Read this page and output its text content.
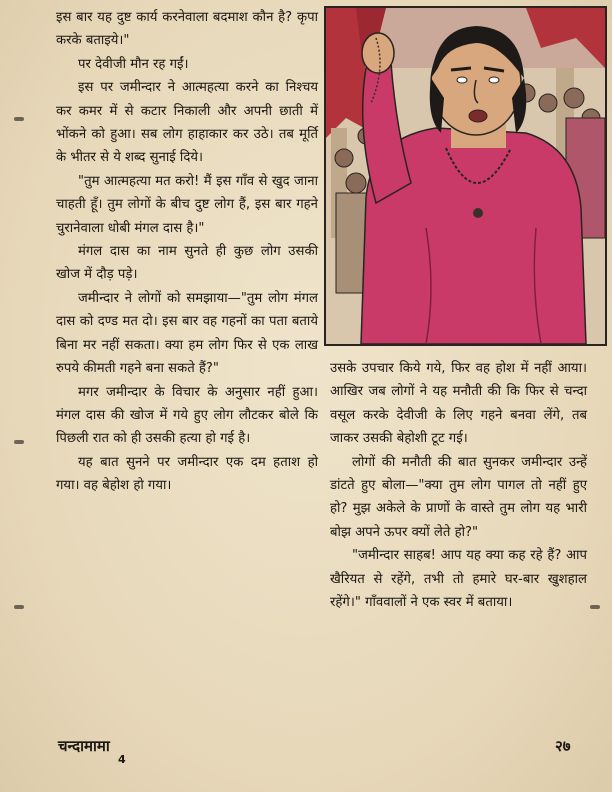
इस बार यह दुष्ट कार्य करनेवाला बदमाश कौन है? कृपा करके बताइये।"

पर देवीजी मौन रह गईं।

इस पर जमीन्दार ने आत्महत्या करने का निश्चय कर कमर में से कटार निकाली और अपनी छाती में भोंकने को हुआ। सब लोग हाहाकार कर उठे। तब मूर्ति के भीतर से ये शब्द सुनाई दिये।

"तुम आत्महत्या मत करो! मैं इस गाँव से खुद जाना चाहती हूँ। तुम लोगों के बीच दुष्ट लोग हैं, इस बार गहने चुरानेवाला धोबी मंगल दास है।"

मंगल दास का नाम सुनते ही कुछ लोग उसकी खोज में दौड़ पड़े।

जमीन्दार ने लोगों को समझाया—"तुम लोग मंगल दास को दण्ड मत दो। इस बार वह गहनों का पता बताये बिना मर नहीं सकता। क्या हम लोग फिर से एक लाख रुपये कीमती गहने बना सकते हैं?"

मगर जमीन्दार के विचार के अनुसार नहीं हुआ। मंगल दास की खोज में गये हुए लोग लौटकर बोले कि पिछली रात को ही उसकी हत्या हो गई है।

यह बात सुनने पर जमीन्दार एक दम हताश हो गया। वह बेहोश हो गया।

उसके उपचार किये गये, फिर वह होश में नहीं आया। आखिर जब लोगों ने यह मनौती की कि फिर से चन्दा वसूल करके देवीजी के लिए गहने बनवा लेंगे, तब जाकर उसकी बेहोशी टूट गई।

लोगों की मनौती की बात सुनकर जमीन्दार उन्हें डांटते हुए बोला—"क्या तुम लोग पागल तो नहीं हुए हो? मुझ अकेले के प्राणों के वास्ते तुम लोग यह भारी बोझ अपने ऊपर क्यों लेते हो?"

"जमीन्दार साहब! आप यह क्या कह रहे हैं? आप खैरियत से रहेंगे, तभी तो हमारे घर-बार खुशहाल रहेंगे।" गाँववालों ने एक स्वर में बताया।

चन्दामामा
4
२७
